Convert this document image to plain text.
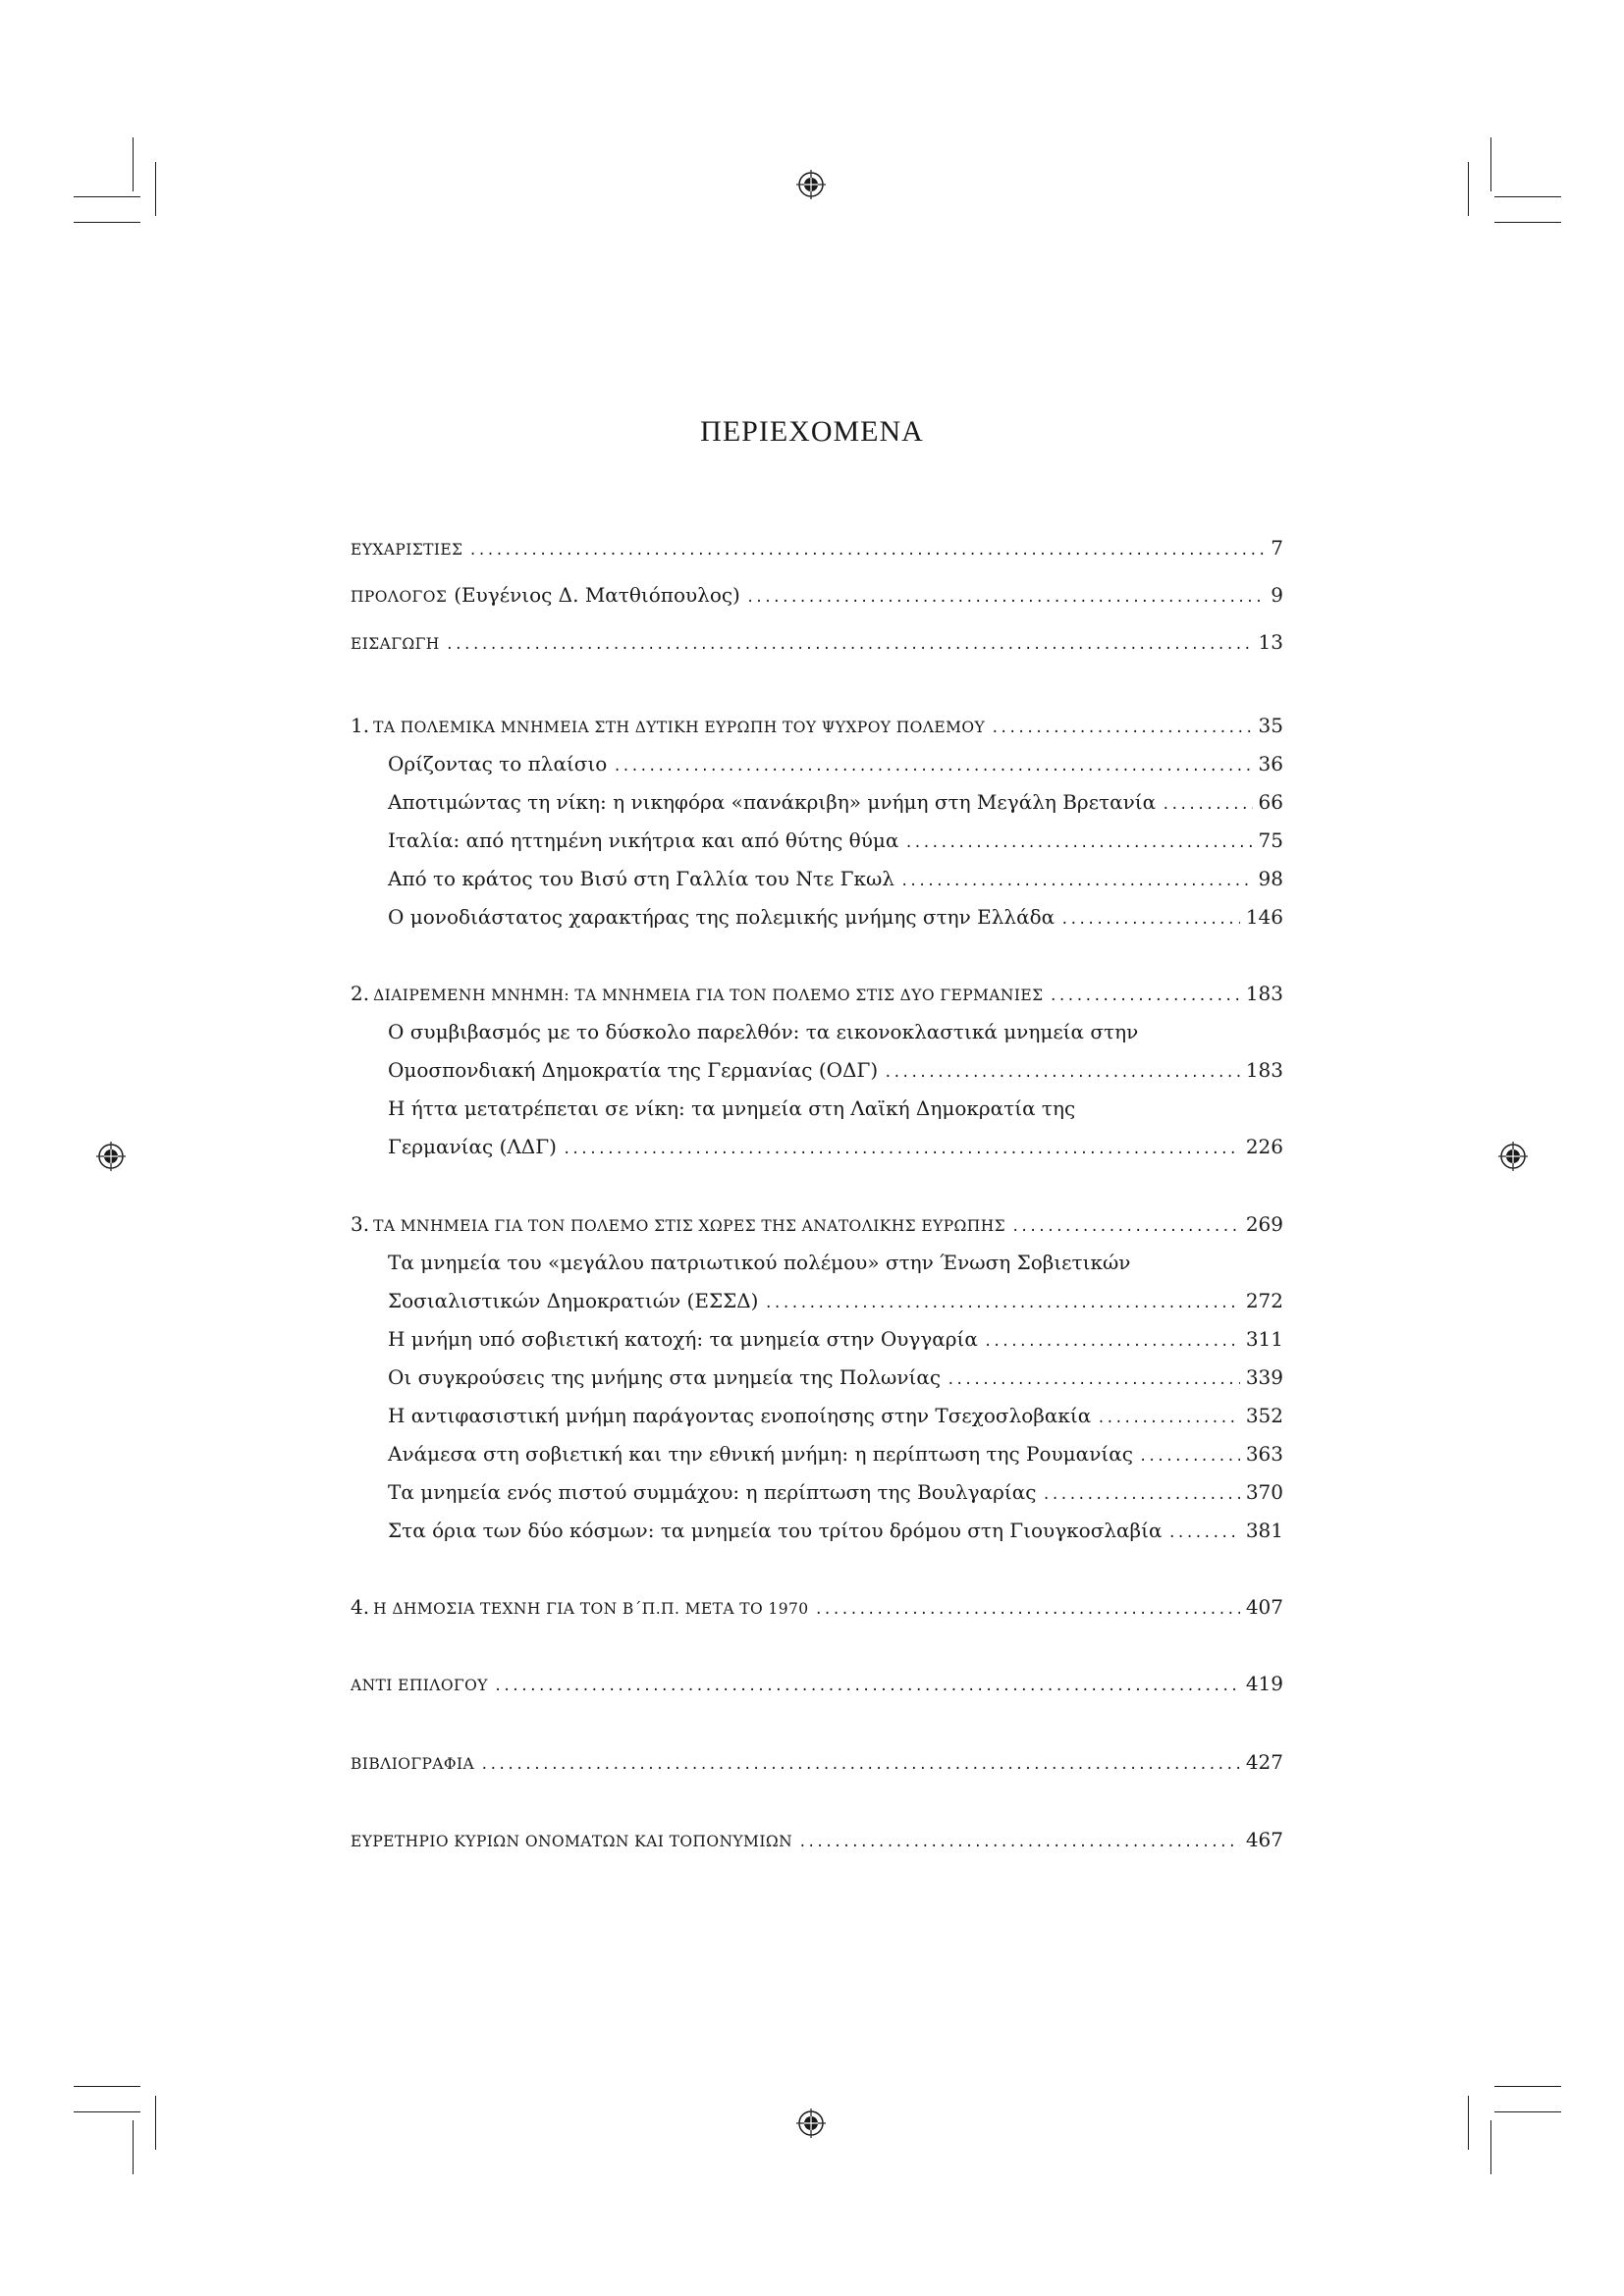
ΠΕΡΙΕΧΟΜΕΝΑ
ΕΥΧΑΡΙΣΤΙΕΣ .....	7
ΠΡΟΛΟΓΟΣ (Ευγένιος Δ. Ματθιόπουλος) .....	9
ΕΙΣΑΓΩΓΗ .....	13
1. ΤΑ ΠΟΛΕΜΙΚΑ ΜΝΗΜΕΙΑ ΣΤΗ ΔΥΤΙΚΗ ΕΥΡΩΠΗ ΤΟΥ ΨΥΧΡΟΥ ΠΟΛΕΜΟΥ .....	35
Ορίζοντας το πλαίσιο .....	36
Αποτιμώντας τη νίκη: η νικηφόρα «πανάκριβη» μνήμη στη Μεγάλη Βρετανία .....	66
Ιταλία: από ηττημένη νικήτρια και από θύτης θύμα .....	75
Από το κράτος του Βισύ στη Γαλλία του Ντε Γκωλ .....	98
Ο μονοδιάστατος χαρακτήρας της πολεμικής μνήμης στην Ελλάδα .....	146
2. ΔΙΑΙΡΕΜΕΝΗ ΜΝΗΜΗ: ΤΑ ΜΝΗΜΕΙΑ ΓΙΑ ΤΟΝ ΠΟΛΕΜΟ ΣΤΙΣ ΔΥΟ ΓΕΡΜΑΝΙΕΣ .....	183
Ο συμβιβασμός με το δύσκολο παρελθόν: τα εικονοκλαστικά μνημεία στην
Ομοσπονδιακή Δημοκρατία της Γερμανίας (ΟΔΓ) .....	183
Η ήττα μετατρέπεται σε νίκη: τα μνημεία στη Λαϊκή Δημοκρατία της
Γερμανίας (ΛΔΓ) .....	226
3. ΤΑ ΜΝΗΜΕΙΑ ΓΙΑ ΤΟΝ ΠΟΛΕΜΟ ΣΤΙΣ ΧΩΡΕΣ ΤΗΣ ΑΝΑΤΟΛΙΚΗΣ ΕΥΡΩΠΗΣ .....	269
Τα μνημεία του «μεγάλου πατριωτικού πολέμου» στην Ένωση Σοβιετικών
Σοσιαλιστικών Δημοκρατιών (ΕΣΣΔ) .....	272
Η μνήμη υπό σοβιετική κατοχή: τα μνημεία στην Ουγγαρία .....	311
Οι συγκρούσεις της μνήμης στα μνημεία της Πολωνίας .....	339
Η αντιφασιστική μνήμη παράγοντας ενοποίησης στην Τσεχοσλοβακία .....	352
Ανάμεσα στη σοβιετική και την εθνική μνήμη: η περίπτωση της Ρουμανίας .....	363
Τα μνημεία ενός πιστού συμμάχου: η περίπτωση της Βουλγαρίας .....	370
Στα όρια των δύο κόσμων: τα μνημεία του τρίτου δρόμου στη Γιουγκοσλαβία .....	381
4. Η ΔΗΜΟΣΙΑ ΤΕΧΝΗ ΓΙΑ ΤΟΝ Β΄Π.Π. ΜΕΤΑ ΤΟ 1970 .....	407
ΑΝΤΙ ΕΠΙΛΟΓΟΥ .....	419
ΒΙΒΛΙΟΓΡΑΦΙΑ .....	427
ΕΥΡΕΤΗΡΙΟ ΚΥΡΙΩΝ ΟΝΟΜΑΤΩΝ ΚΑΙ ΤΟΠΟΝΥΜΙΩΝ .....	467
